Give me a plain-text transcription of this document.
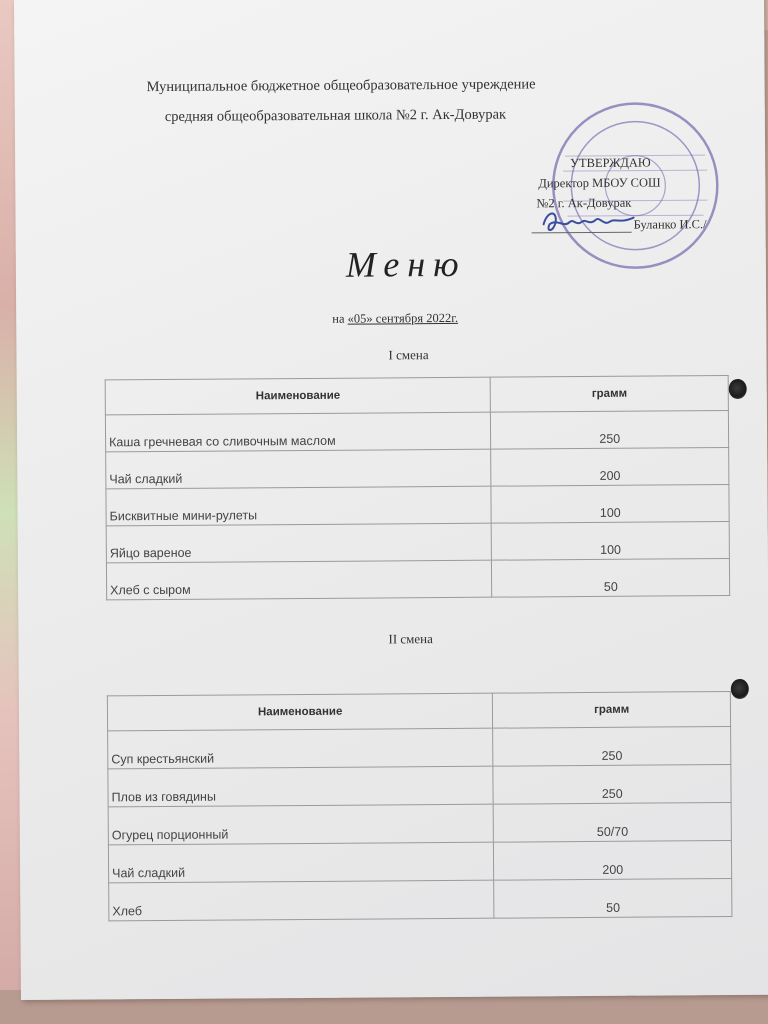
Муниципальное бюджетное общеобразовательное учреждение
средняя общеобразовательная школа №2 г. Ак-Довурак
УТВЕРЖДАЮ
Директор МБОУ СОШ
№2 г. Ак-Довурак
Буланко И.С./
Меню
на «05» сентября 2022г.
I смена
Наименование	грамм
Каша гречневая со сливочным маслом	250
Чай сладкий	200
Бисквитные мини-рулеты	100
Яйцо вареное	100
Хлеб с сыром	50
II смена
Наименование	грамм
Суп крестьянский	250
Плов из говядины	250
Огурец порционный	50/70
Чай сладкий	200
Хлеб	50
